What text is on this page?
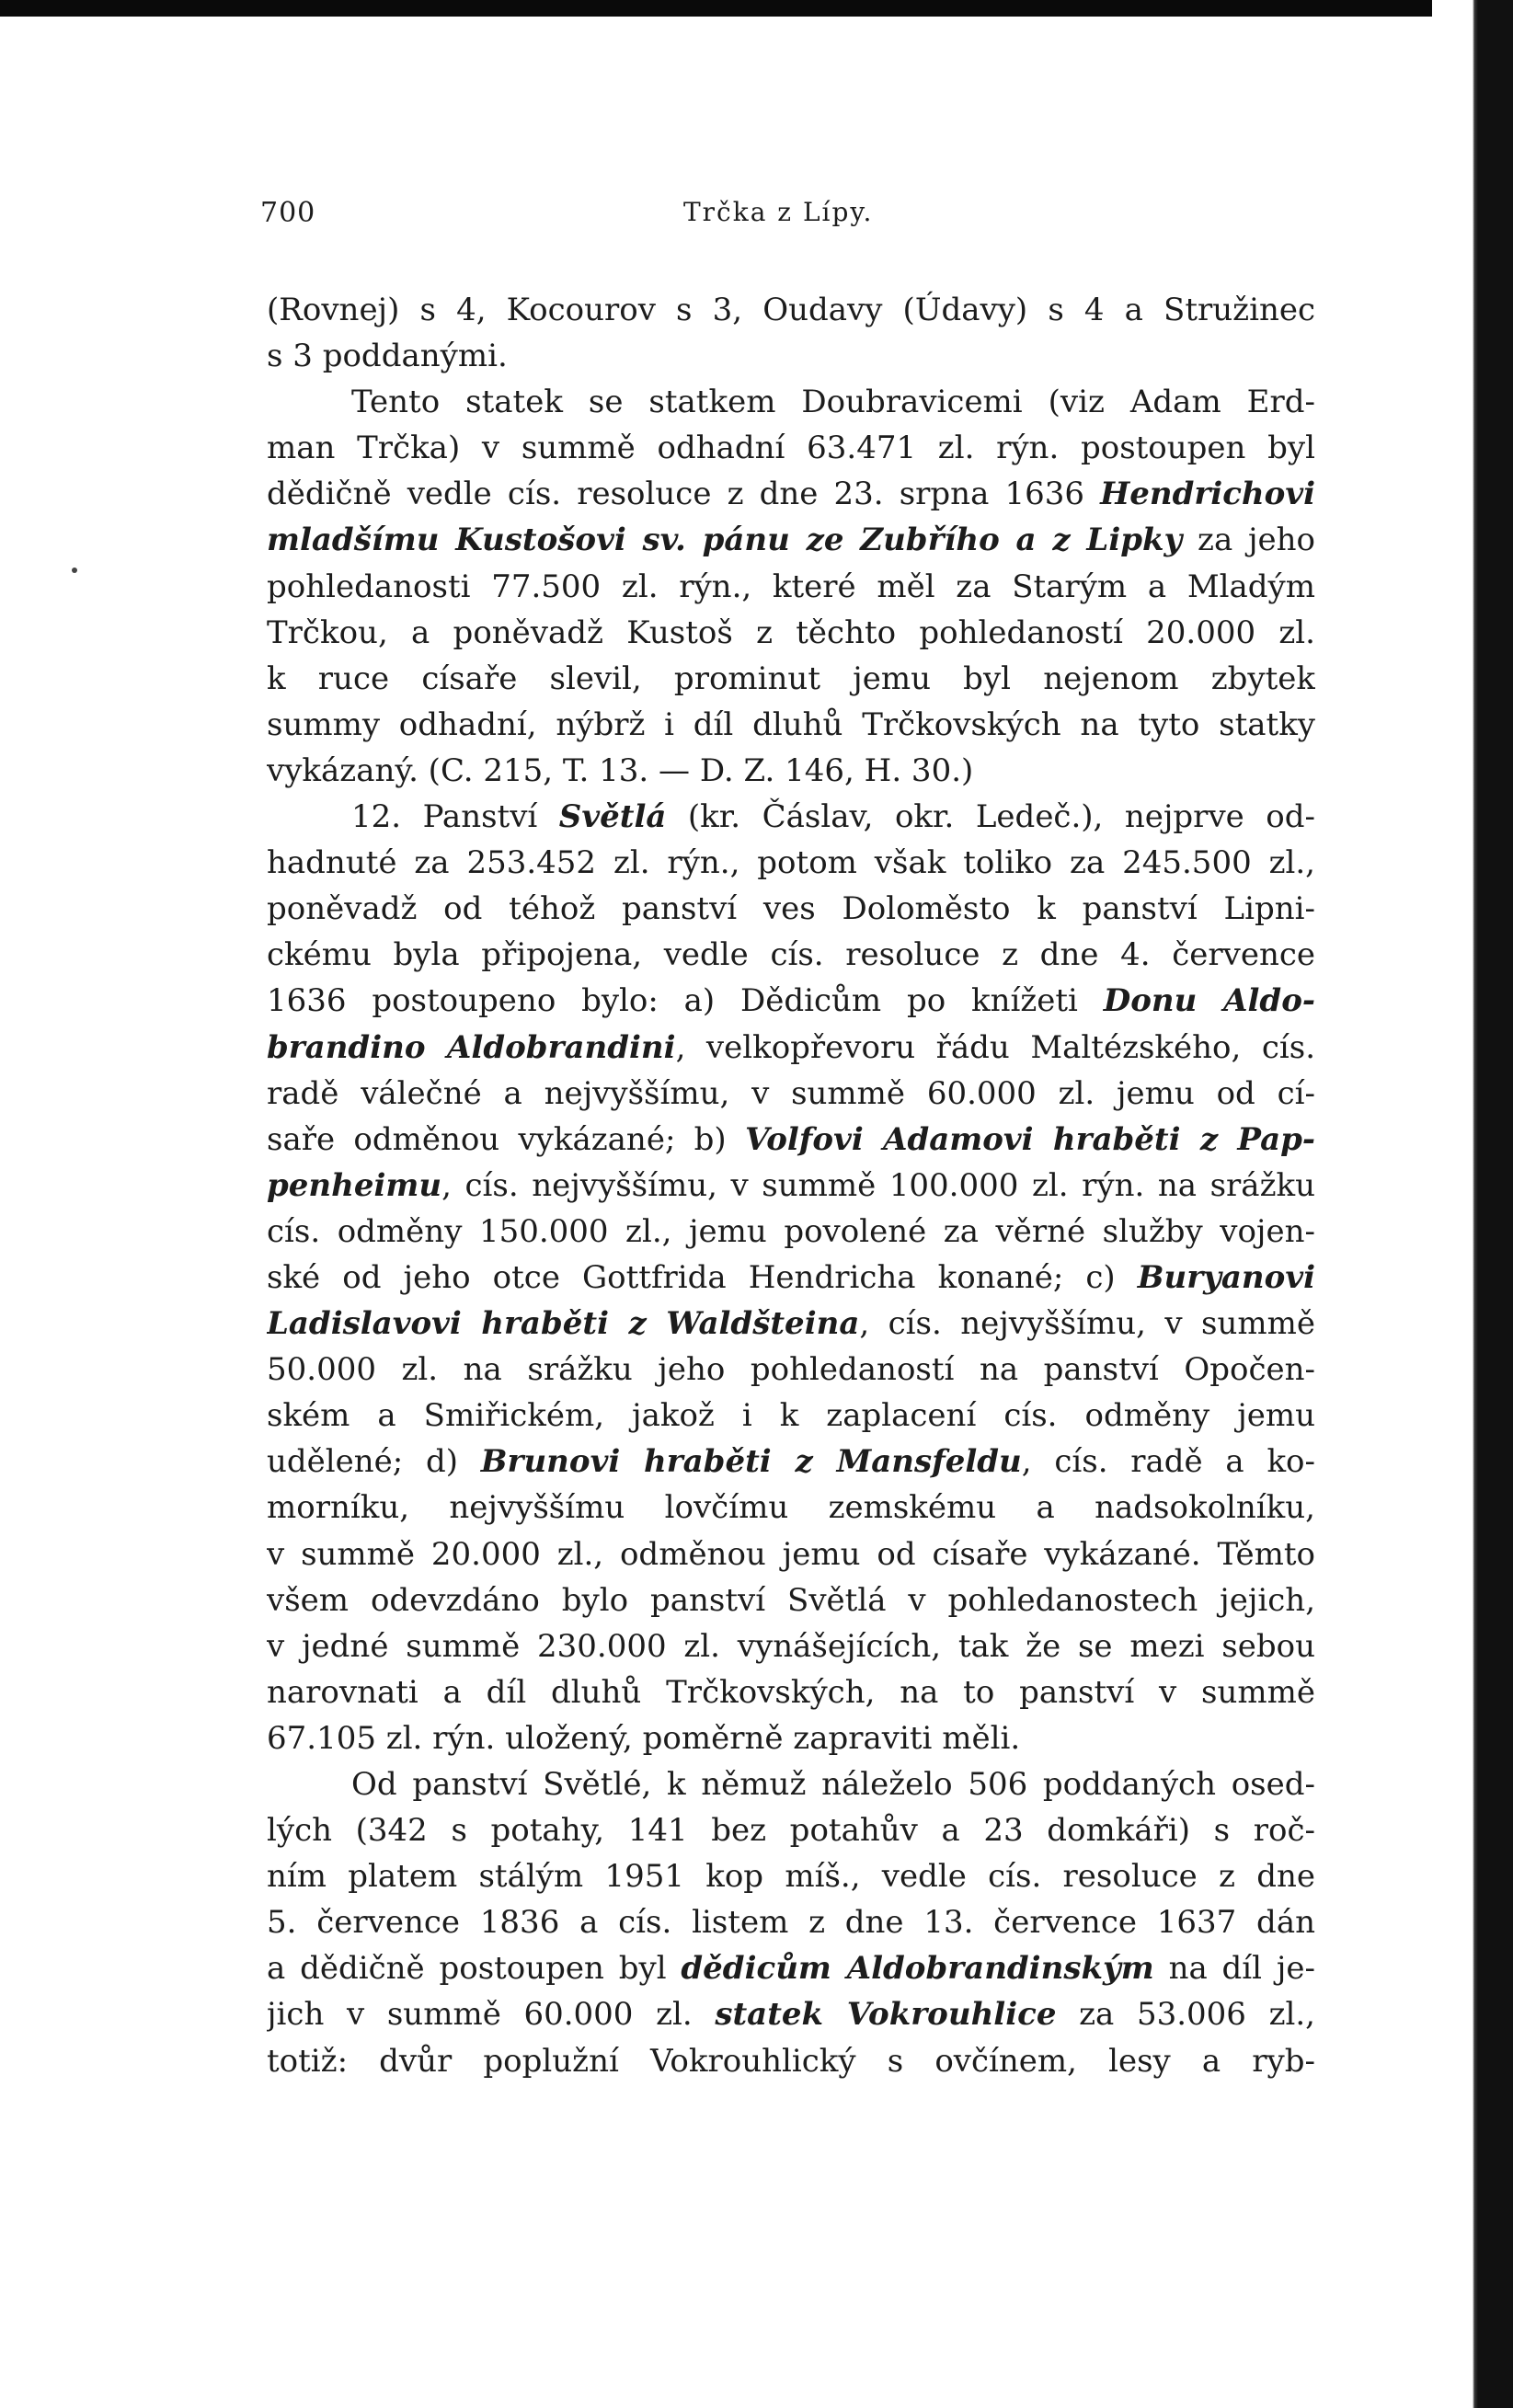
700	Trčka z Lípy.
(Rovnej) s 4, Kocourov s 3, Oudavy (Údavy) s 4 a Stružinec
s 3 poddanými.
Tento statek se statkem Doubravicemi (viz Adam Erd-
man Trčka) v summě odhadní 63.471 zl. rýn. postoupen byl
dědičně vedle cís. resoluce z dne 23. srpna 1636 Hendrichovi
mladšímu Kustošovi sv. pánu ze Zubřího a z Lipky za jeho
pohledanosti 77.500 zl. rýn., které měl za Starým a Mladým
Trčkou, a poněvadž Kustoš z těchto pohledaností 20.000 zl.
k ruce císaře slevil, prominut jemu byl nejenom zbytek
summy odhadní, nýbrž i díl dluhů Trčkovských na tyto statky
vykázaný. (C. 215, T. 13. — D. Z. 146, H. 30.)
12. Panství Světlá (kr. Čáslav, okr. Ledeč.), nejprve od-
hadnuté za 253.452 zl. rýn., potom však toliko za 245.500 zl.,
poněvadž od téhož panství ves Doloměsto k panství Lipni-
ckému byla připojena, vedle cís. resoluce z dne 4. července
1636 postoupeno bylo: a) Dědicům po knížeti Donu Aldo-
brandino Aldobrandini, velkopřevoru řádu Maltézského, cís.
radě válečné a nejvyššímu, v summě 60.000 zl. jemu od cí-
saře odměnou vykázané; b) Volfovi Adamovi hraběti z Pap-
penheimu, cís. nejvyššímu, v summě 100.000 zl. rýn. na srážku
cís. odměny 150.000 zl., jemu povolené za věrné služby vojen-
ské od jeho otce Gottfrida Hendricha konané; c) Buryanovi
Ladislavovi hraběti z Waldšteina, cís. nejvyššímu, v summě
50.000 zl. na srážku jeho pohledaností na panství Opočen-
ském a Smiřickém, jakož i k zaplacení cís. odměny jemu
udělené; d) Brunovi hraběti z Mansfeldu, cís. radě a ko-
morníku, nejvyššímu lovčímu zemskému a nadsokolníku,
v summě 20.000 zl., odměnou jemu od císaře vykázané. Těmto
všem odevzdáno bylo panství Světlá v pohledanostech jejich,
v jedné summě 230.000 zl. vynášejících, tak že se mezi sebou
narovnati a díl dluhů Trčkovských, na to panství v summě
67.105 zl. rýn. uložený, poměrně zapraviti měli.
Od panství Světlé, k němuž náleželo 506 poddaných osed-
lých (342 s potahy, 141 bez potahův a 23 domkáři) s roč-
ním platem stálým 1951 kop míš., vedle cís. resoluce z dne
5. července 1836 a cís. listem z dne 13. července 1637 dán
a dědičně postoupen byl dědicům Aldobrandinským na díl je-
jich v summě 60.000 zl. statek Vokrouhlice za 53.006 zl.,
totiž: dvůr poplužní Vokrouhlický s ovčínem, lesy a ryb-
